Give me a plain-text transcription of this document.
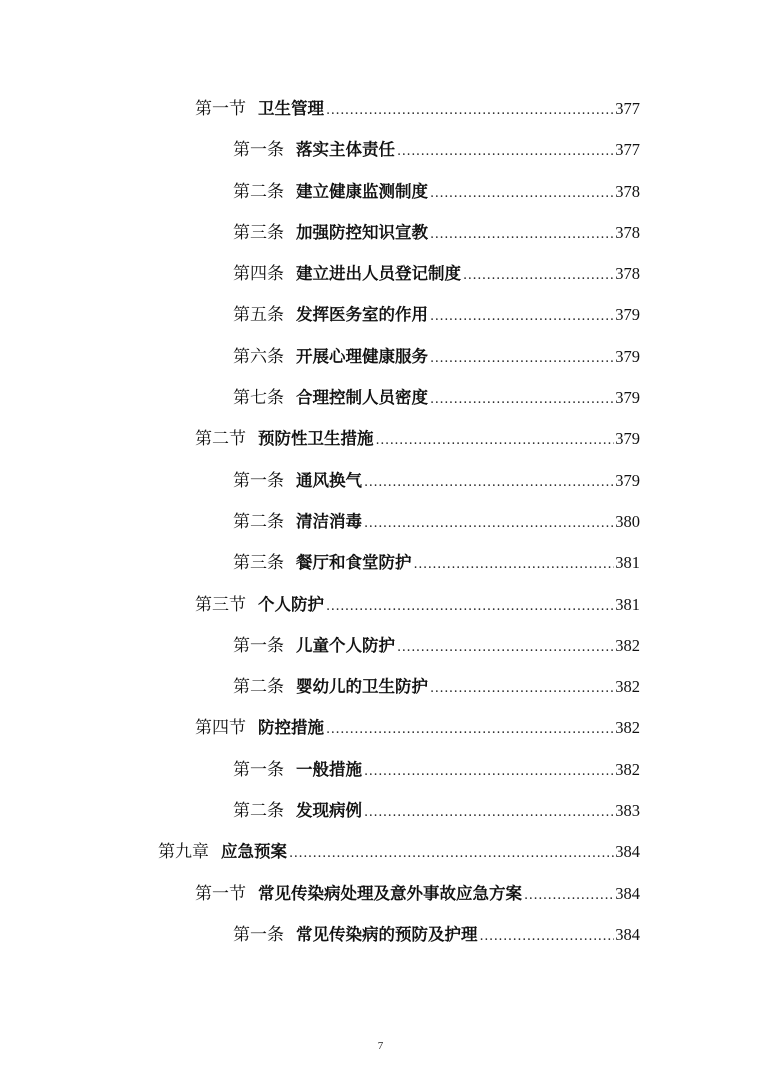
第一节 卫生管理 .....	377
第一条 落实主体责任 .....	377
第二条 建立健康监测制度 .....	378
第三条 加强防控知识宣教 .....	378
第四条 建立进出人员登记制度 .....	378
第五条 发挥医务室的作用 .....	379
第六条 开展心理健康服务 .....	379
第七条 合理控制人员密度 .....	379
第二节 预防性卫生措施 .....	379
第一条 通风换气 .....	379
第二条 清洁消毒 .....	380
第三条 餐厅和食堂防护 .....	381
第三节 个人防护 .....	381
第一条 儿童个人防护 .....	382
第二条 婴幼儿的卫生防护 .....	382
第四节 防控措施 .....	382
第一条 一般措施 .....	382
第二条 发现病例 .....	383
第九章 应急预案 .....	384
第一节 常见传染病处理及意外事故应急方案 .....	384
第一条 常见传染病的预防及护理 .....	384
7
